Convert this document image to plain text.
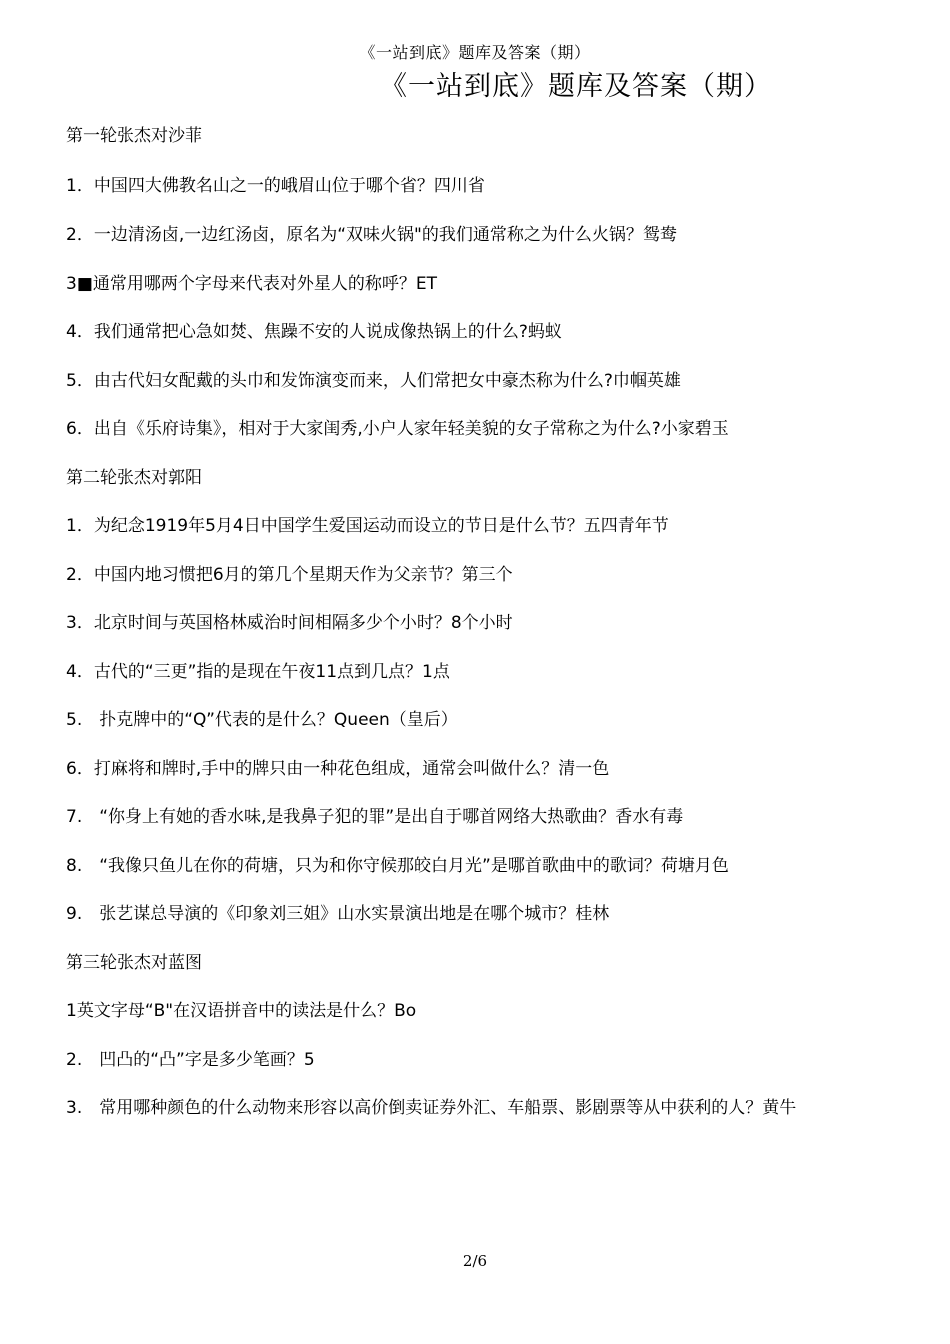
《一站到底》题库及答案（期）
《一站到底》题库及答案（期）

第一轮张杰对沙菲

1．中国四大佛教名山之一的峨眉山位于哪个省？四川省

2．一边清汤卤,一边红汤卤，原名为“双味火锅"的我们通常称之为什么火锅？鸳鸯

3■通常用哪两个字母来代表对外星人的称呼？ET

4．我们通常把心急如焚、焦躁不安的人说成像热锅上的什么?蚂蚁

5．由古代妇女配戴的头巾和发饰演变而来，人们常把女中豪杰称为什么?巾帼英雄

6．出自《乐府诗集》，相对于大家闺秀,小户人家年轻美貌的女子常称之为什么?小家碧玉

第二轮张杰对郭阳

1．为纪念1919年5月4日中国学生爱国运动而设立的节日是什么节？五四青年节

2．中国内地习惯把6月的第几个星期天作为父亲节？第三个

3．北京时间与英国格林威治时间相隔多少个小时？8个小时

4．古代的“三更”指的是现在午夜11点到几点？1点

5.　扑克牌中的“Q”代表的是什么？Queen（皇后）

6．打麻将和牌时,手中的牌只由一种花色组成，通常会叫做什么？清一色

7.　“你身上有她的香水味,是我鼻子犯的罪”是出自于哪首网络大热歌曲？香水有毒

8.　“我像只鱼儿在你的荷塘，只为和你守候那皎白月光”是哪首歌曲中的歌词？荷塘月色

9.　张艺谋总导演的《印象刘三姐》山水实景演出地是在哪个城市？桂林

第三轮张杰对蓝图

1英文字母“B"在汉语拼音中的读法是什么？Bo

2.　凹凸的“凸”字是多少笔画？5

3.　常用哪种颜色的什么动物来形容以高价倒卖证券外汇、车船票、影剧票等从中获利的人？黄牛

2/6
